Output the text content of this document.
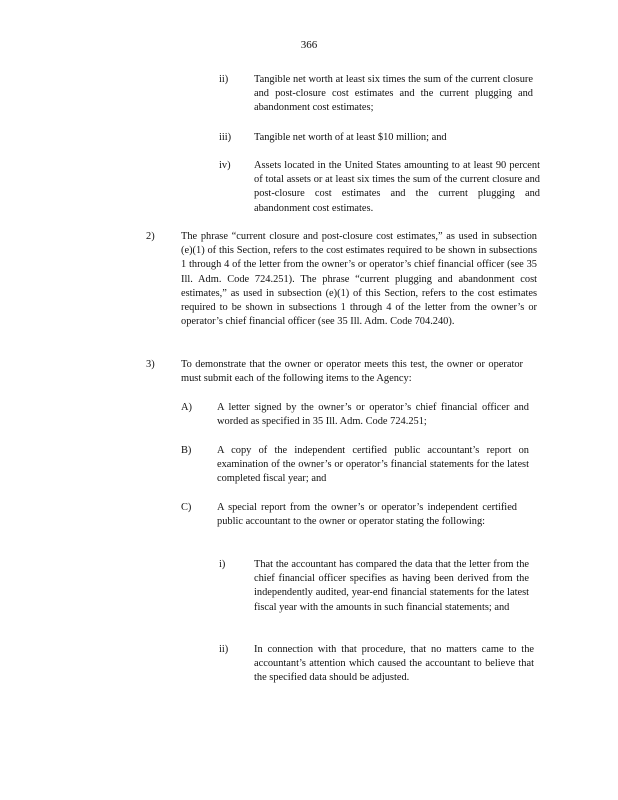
366
ii) Tangible net worth at least six times the sum of the current closure and post-closure cost estimates and the current plugging and abandonment cost estimates;
iii) Tangible net worth of at least $10 million; and
iv) Assets located in the United States amounting to at least 90 percent of total assets or at least six times the sum of the current closure and post-closure cost estimates and the current plugging and abandonment cost estimates.
2)	The phrase “current closure and post-closure cost estimates,” as used in subsection (e)(1) of this Section, refers to the cost estimates required to be shown in subsections 1 through 4 of the letter from the owner’s or operator’s chief financial officer (see 35 Ill. Adm. Code 724.251). The phrase “current plugging and abandonment cost estimates,” as used in subsection (e)(1) of this Section, refers to the cost estimates required to be shown in subsections 1 through 4 of the letter from the owner’s or operator’s chief financial officer (see 35 Ill. Adm. Code 704.240).
3)	To demonstrate that the owner or operator meets this test, the owner or operator must submit each of the following items to the Agency:
A) A letter signed by the owner’s or operator’s chief financial officer and worded as specified in 35 Ill. Adm. Code 724.251;
B) A copy of the independent certified public accountant’s report on examination of the owner’s or operator’s financial statements for the latest completed fiscal year; and
C) A special report from the owner’s or operator’s independent certified public accountant to the owner or operator stating the following:
i)	That the accountant has compared the data that the letter from the chief financial officer specifies as having been derived from the independently audited, year-end financial statements for the latest fiscal year with the amounts in such financial statements; and
ii) In connection with that procedure, that no matters came to the accountant’s attention which caused the accountant to believe that the specified data should be adjusted.
